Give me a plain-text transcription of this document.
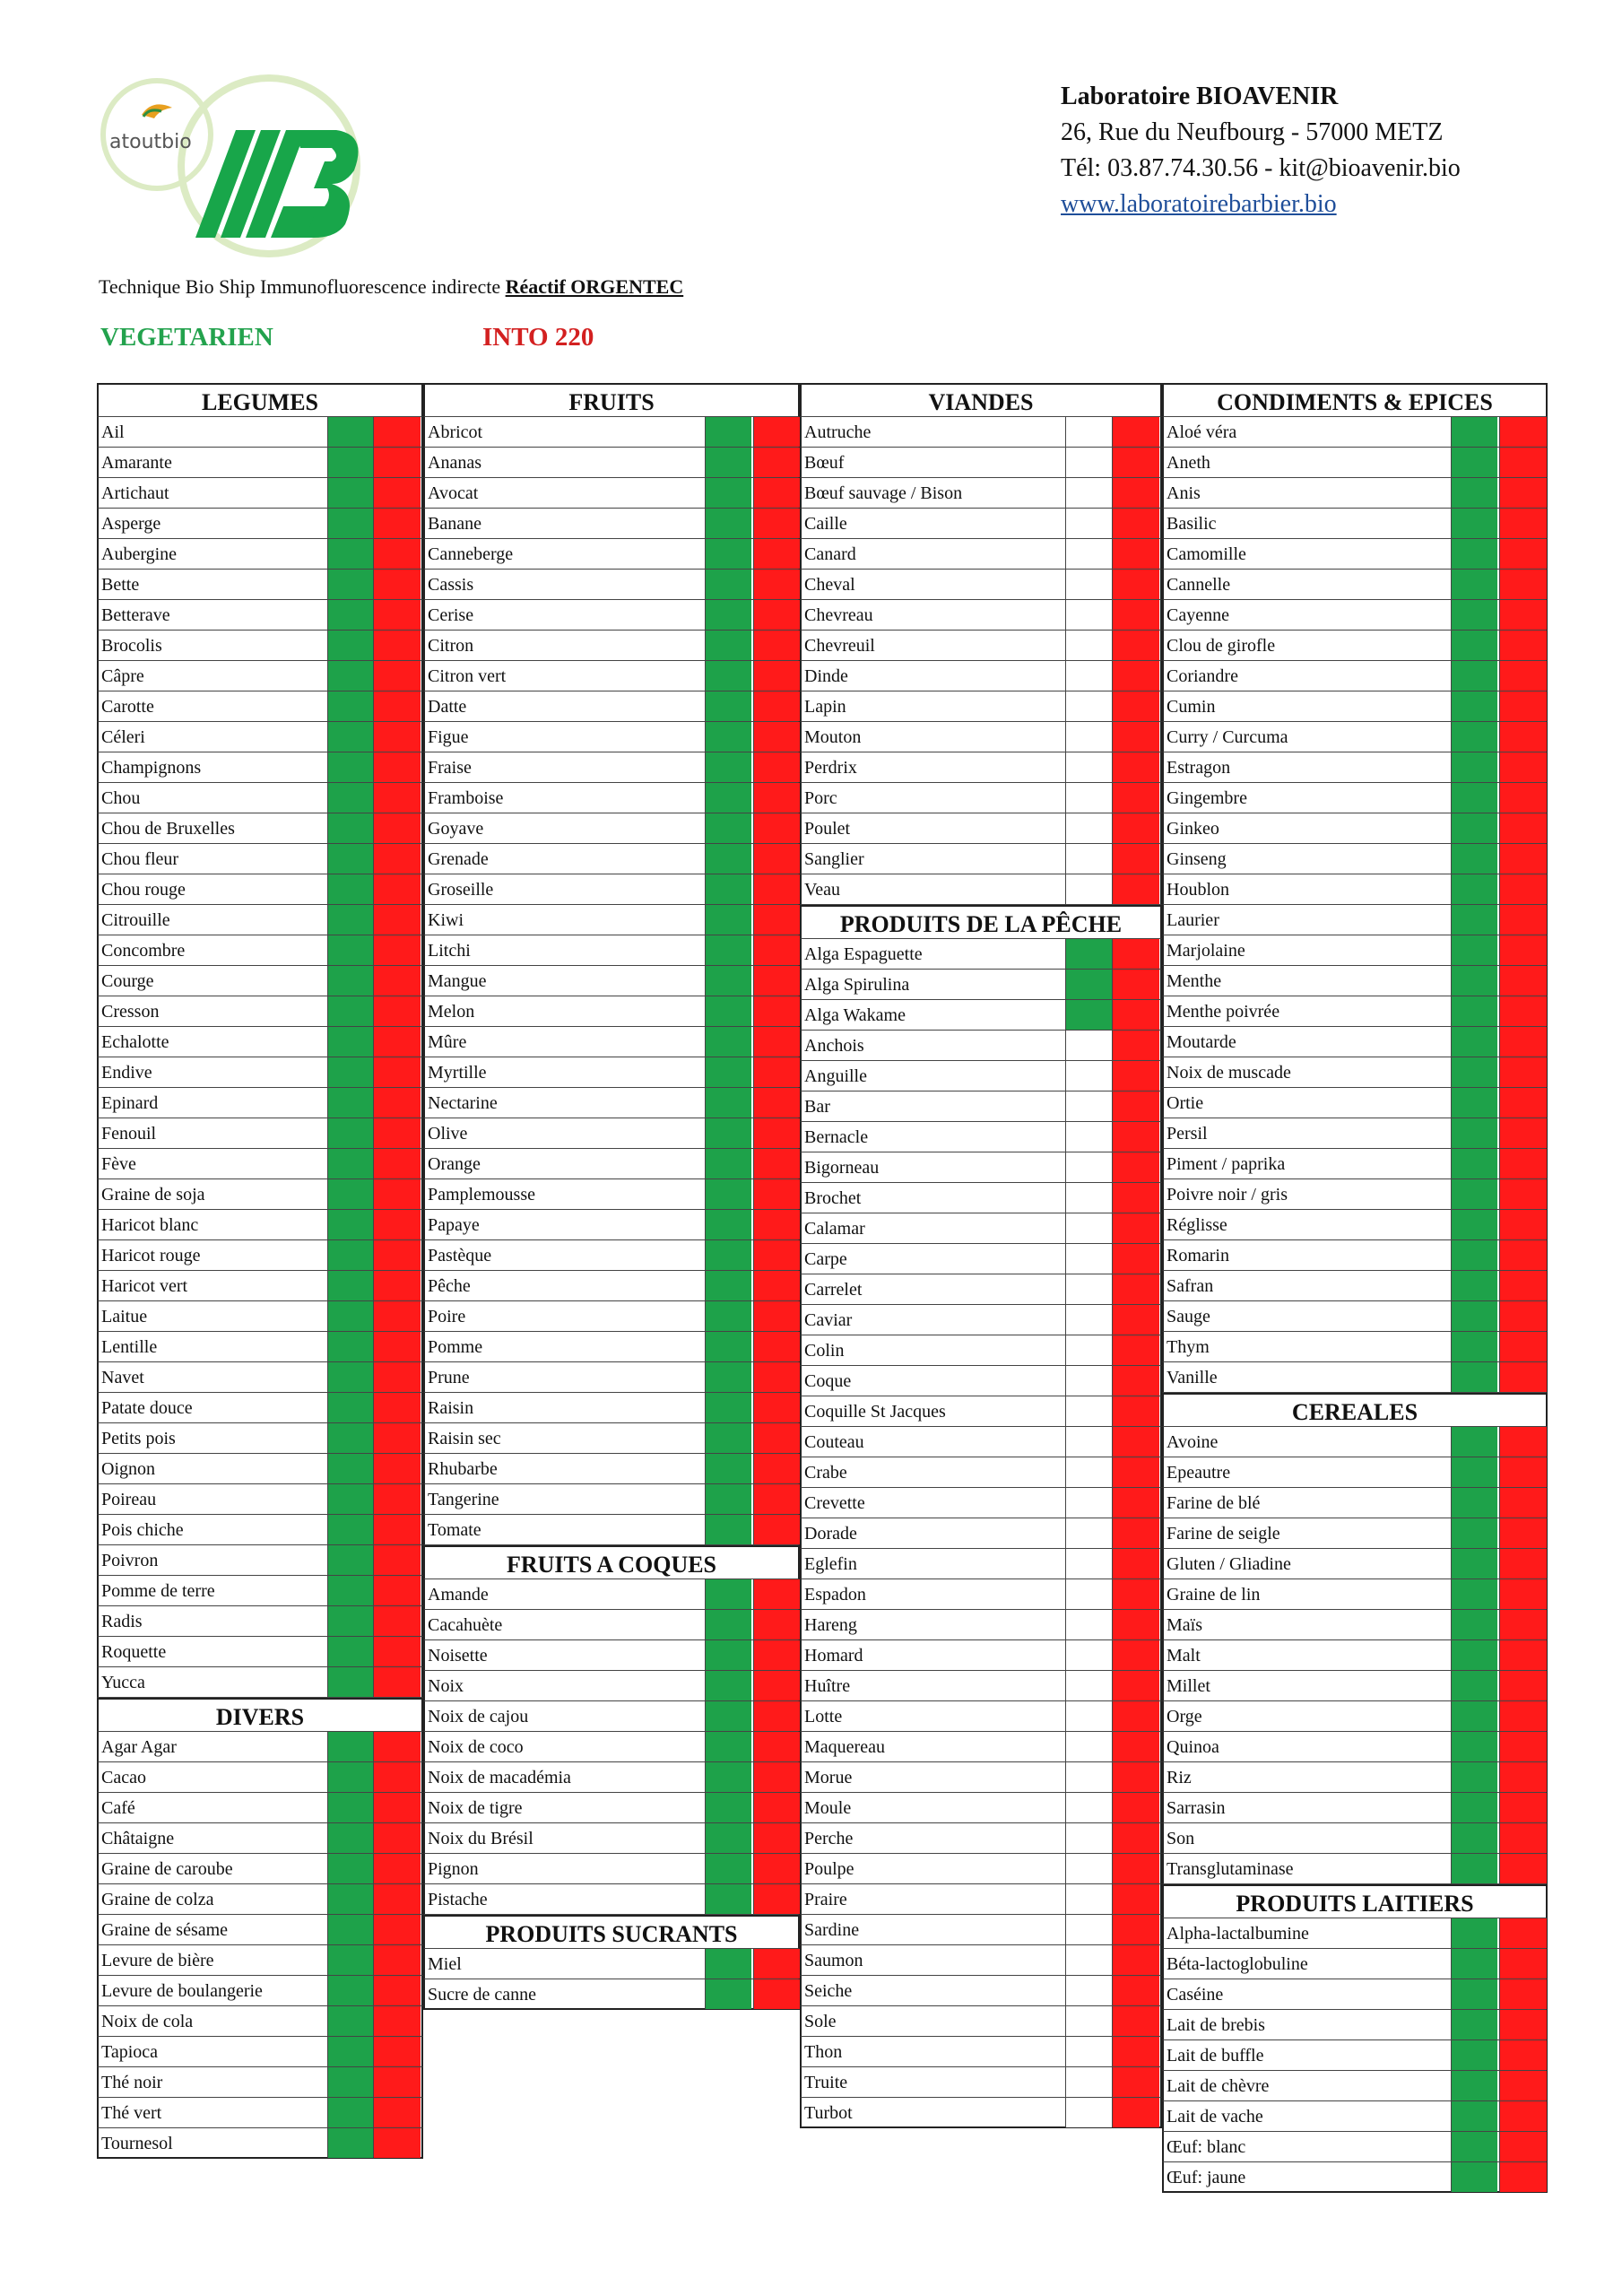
atoutbio
Laboratoire BIOAVENIR
26, Rue du Neufbourg - 57000 METZ
Tél: 03.87.74.30.56 - kit@bioavenir.bio
www.laboratoirebarbier.bio
Technique Bio Ship Immunofluorescence indirecte Réactif ORGENTEC
VEGETARIEN	INTO 220
LEGUMES
Ail
Amarante
Artichaut
Asperge
Aubergine
Bette
Betterave
Brocolis
Câpre
Carotte
Céleri
Champignons
Chou
Chou de Bruxelles
Chou fleur
Chou rouge
Citrouille
Concombre
Courge
Cresson
Echalotte
Endive
Epinard
Fenouil
Fève
Graine de soja
Haricot blanc
Haricot rouge
Haricot vert
Laitue
Lentille
Navet
Patate douce
Petits pois
Oignon
Poireau
Pois chiche
Poivron
Pomme de terre
Radis
Roquette
Yucca
DIVERS
Agar Agar
Cacao
Café
Châtaigne
Graine de caroube
Graine de colza
Graine de sésame
Levure de bière
Levure de boulangerie
Noix de cola
Tapioca
Thé noir
Thé vert
Tournesol
FRUITS
Abricot
Ananas
Avocat
Banane
Canneberge
Cassis
Cerise
Citron
Citron vert
Datte
Figue
Fraise
Framboise
Goyave
Grenade
Groseille
Kiwi
Litchi
Mangue
Melon
Mûre
Myrtille
Nectarine
Olive
Orange
Pamplemousse
Papaye
Pastèque
Pêche
Poire
Pomme
Prune
Raisin
Raisin sec
Rhubarbe
Tangerine
Tomate
FRUITS A COQUES
Amande
Cacahuète
Noisette
Noix
Noix de cajou
Noix de coco
Noix de macadémia
Noix de tigre
Noix du Brésil
Pignon
Pistache
PRODUITS SUCRANTS
Miel
Sucre de canne
VIANDES
Autruche
Bœuf
Bœuf sauvage / Bison
Caille
Canard
Cheval
Chevreau
Chevreuil
Dinde
Lapin
Mouton
Perdrix
Porc
Poulet
Sanglier
Veau
PRODUITS DE LA PÊCHE
Alga Espaguette
Alga Spirulina
Alga Wakame
Anchois
Anguille
Bar
Bernacle
Bigorneau
Brochet
Calamar
Carpe
Carrelet
Caviar
Colin
Coque
Coquille St Jacques
Couteau
Crabe
Crevette
Dorade
Eglefin
Espadon
Hareng
Homard
Huître
Lotte
Maquereau
Morue
Moule
Perche
Poulpe
Praire
Sardine
Saumon
Seiche
Sole
Thon
Truite
Turbot
CONDIMENTS & EPICES
Aloé véra
Aneth
Anis
Basilic
Camomille
Cannelle
Cayenne
Clou de girofle
Coriandre
Cumin
Curry / Curcuma
Estragon
Gingembre
Ginkeo
Ginseng
Houblon
Laurier
Marjolaine
Menthe
Menthe poivrée
Moutarde
Noix de muscade
Ortie
Persil
Piment / paprika
Poivre noir / gris
Réglisse
Romarin
Safran
Sauge
Thym
Vanille
CEREALES
Avoine
Epeautre
Farine de blé
Farine de seigle
Gluten / Gliadine
Graine de lin
Maïs
Malt
Millet
Orge
Quinoa
Riz
Sarrasin
Son
Transglutaminase
PRODUITS LAITIERS
Alpha-lactalbumine
Béta-lactoglobuline
Caséine
Lait de brebis
Lait de buffle
Lait de chèvre
Lait de vache
Œuf: blanc
Œuf: jaune
